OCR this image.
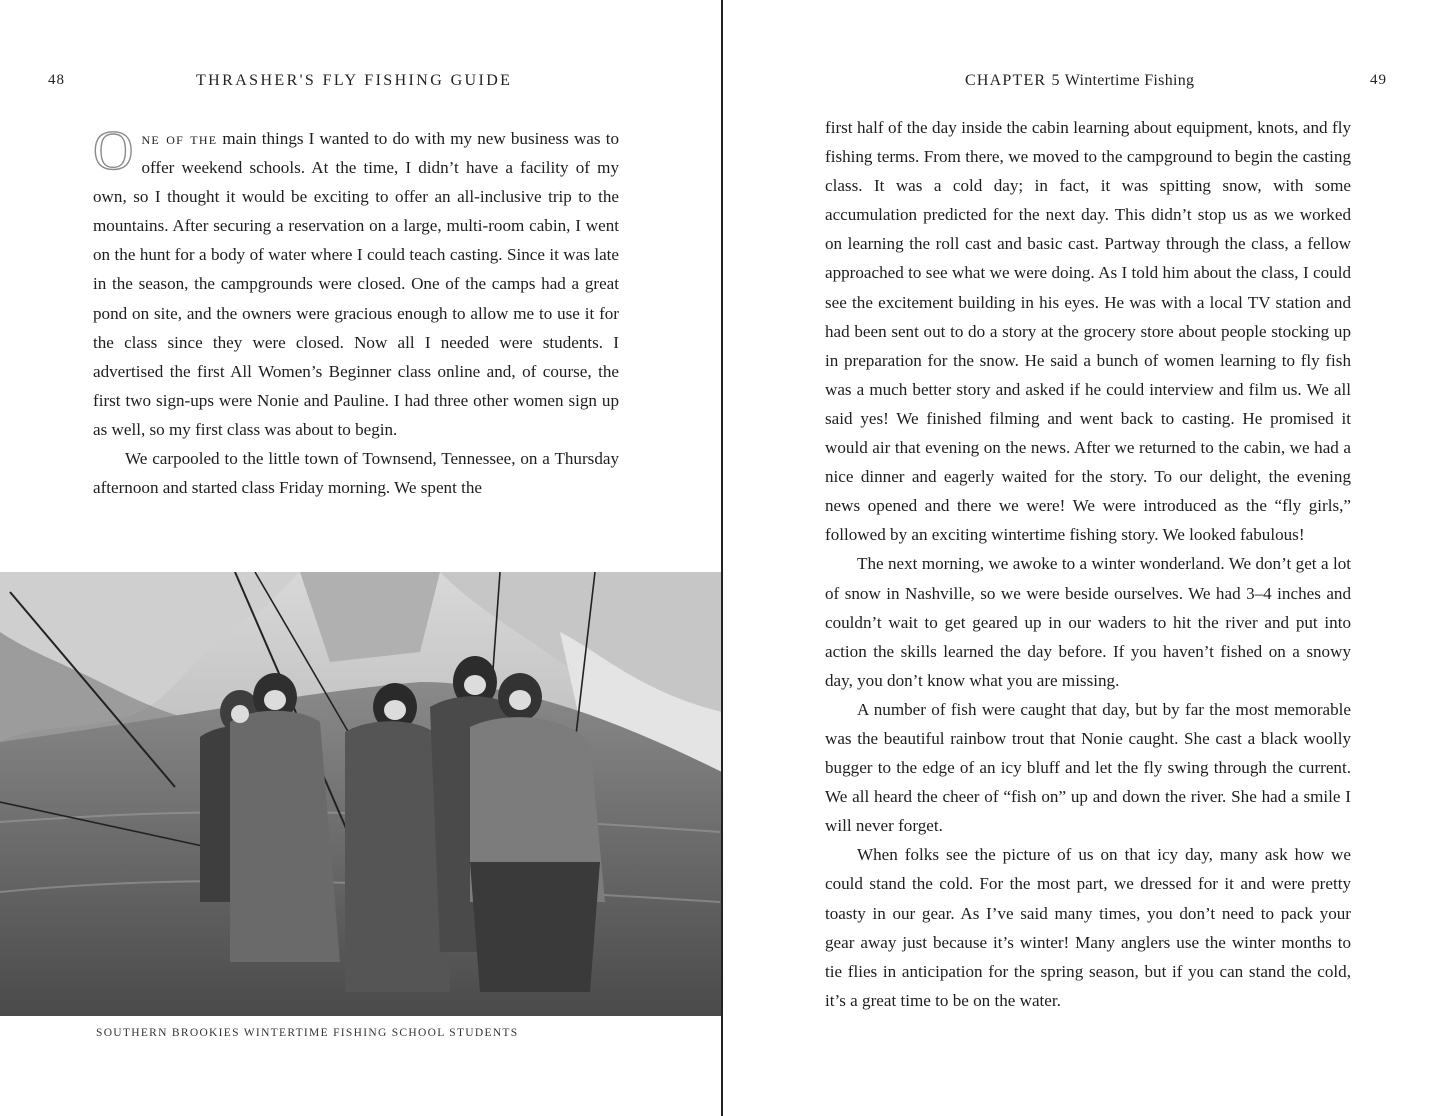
48	THRASHER'S FLY FISHING GUIDE

One of the main things I wanted to do with my new business was to offer weekend schools. At the time, I didn’t have a facility of my own, so I thought it would be exciting to offer an all-inclusive trip to the mountains. After securing a reservation on a large, multi-room cabin, I went on the hunt for a body of water where I could teach casting. Since it was late in the season, the campgrounds were closed. One of the camps had a great pond on site, and the owners were gracious enough to allow me to use it for the class since they were closed. Now all I needed were students. I advertised the first All Women’s Beginner class online and, of course, the first two sign-ups were Nonie and Pauline. I had three other women sign up as well, so my first class was about to begin.

We carpooled to the little town of Townsend, Tennessee, on a Thursday afternoon and started class Friday morning. We spent the

SOUTHERN BROOKIES WINTERTIME FISHING SCHOOL STUDENTS
CHAPTER 5 Wintertime Fishing	49

first half of the day inside the cabin learning about equipment, knots, and fly fishing terms. From there, we moved to the campground to begin the casting class. It was a cold day; in fact, it was spitting snow, with some accumulation predicted for the next day. This didn’t stop us as we worked on learning the roll cast and basic cast. Partway through the class, a fellow approached to see what we were doing. As I told him about the class, I could see the excitement building in his eyes. He was with a local TV station and had been sent out to do a story at the grocery store about people stocking up in preparation for the snow. He said a bunch of women learning to fly fish was a much better story and asked if he could interview and film us. We all said yes! We finished filming and went back to casting. He promised it would air that evening on the news. After we returned to the cabin, we had a nice dinner and eagerly waited for the story. To our delight, the evening news opened and there we were! We were introduced as the “fly girls,” followed by an exciting wintertime fishing story. We looked fabulous!

The next morning, we awoke to a winter wonderland. We don’t get a lot of snow in Nashville, so we were beside ourselves. We had 3–4 inches and couldn’t wait to get geared up in our waders to hit the river and put into action the skills learned the day before. If you haven’t fished on a snowy day, you don’t know what you are missing.

A number of fish were caught that day, but by far the most memorable was the beautiful rainbow trout that Nonie caught. She cast a black woolly bugger to the edge of an icy bluff and let the fly swing through the current. We all heard the cheer of “fish on” up and down the river. She had a smile I will never forget.

When folks see the picture of us on that icy day, many ask how we could stand the cold. For the most part, we dressed for it and were pretty toasty in our gear. As I’ve said many times, you don’t need to pack your gear away just because it’s winter! Many anglers use the winter months to tie flies in anticipation for the spring season, but if you can stand the cold, it’s a great time to be on the water.
